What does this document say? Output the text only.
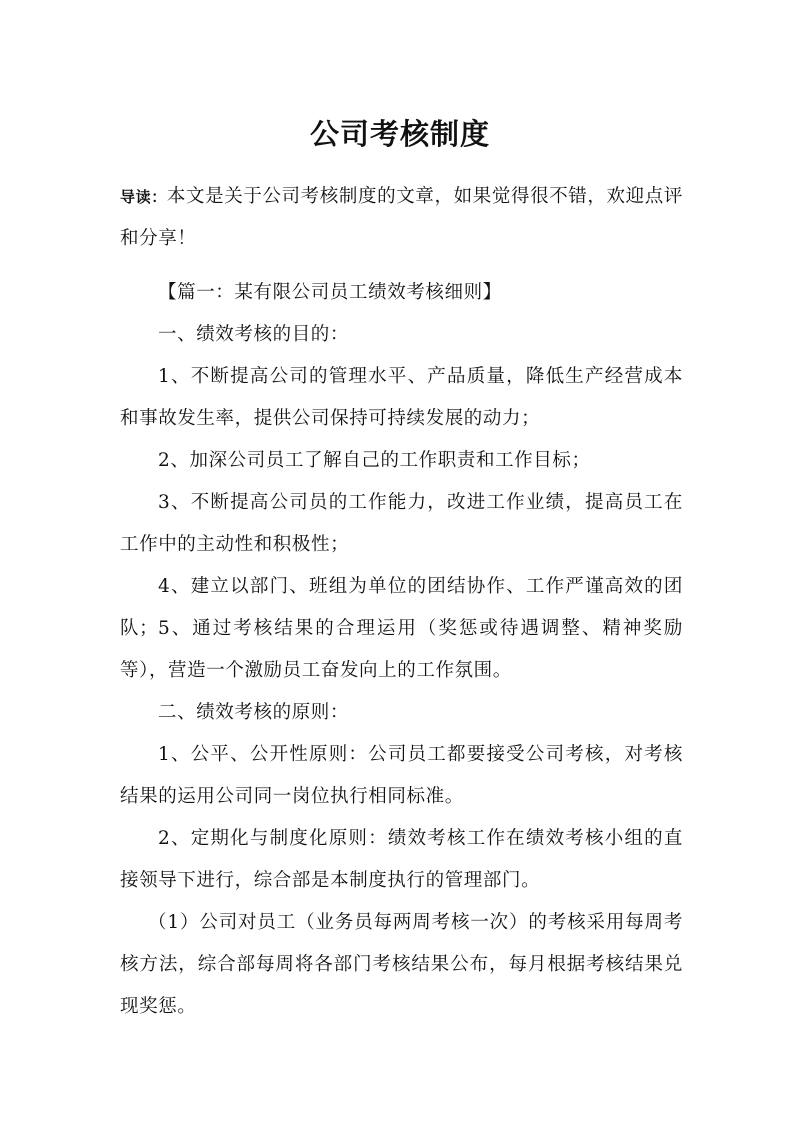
公司考核制度
导读：本文是关于公司考核制度的文章，如果觉得很不错，欢迎点评和分享！
【篇一：某有限公司员工绩效考核细则】
一、绩效考核的目的：
1、不断提高公司的管理水平、产品质量，降低生产经营成本和事故发生率，提供公司保持可持续发展的动力；
2、加深公司员工了解自己的工作职责和工作目标；
3、不断提高公司员的工作能力，改进工作业绩，提高员工在工作中的主动性和积极性；
4、建立以部门、班组为单位的团结协作、工作严谨高效的团队； 5、通过考核结果的合理运用（奖惩或待遇调整、精神奖励等），营造一个激励员工奋发向上的工作氛围。
二、绩效考核的原则：
1、公平、公开性原则：公司员工都要接受公司考核，对考核结果的运用公司同一岗位执行相同标准。
2、定期化与制度化原则：绩效考核工作在绩效考核小组的直接领导下进行，综合部是本制度执行的管理部门。
（1）公司对员工（业务员每两周考核一次）的考核采用每周考核方法，综合部每周将各部门考核结果公布，每月根据考核结果兑现奖惩。
